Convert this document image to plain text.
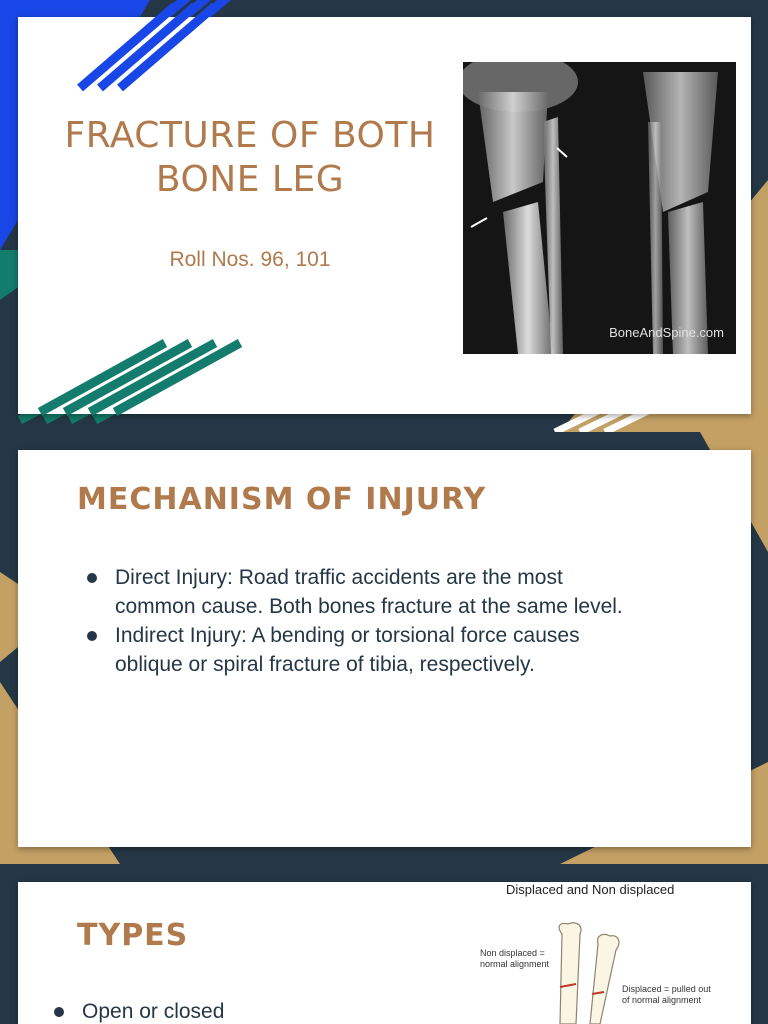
FRACTURE OF BOTH
BONE LEG
Roll Nos. 96, 101
BoneAndSpine.com
MECHANISM OF INJURY
Direct Injury: Road traffic accidents are the most
common cause. Both bones fracture at the same level.
Indirect Injury: A bending or torsional force causes
oblique or spiral fracture of tibia, respectively.
TYPES
Open or closed
Displaced and Non displaced
Non displaced =
normal alignment
Displaced = pulled out
of normal alignment
